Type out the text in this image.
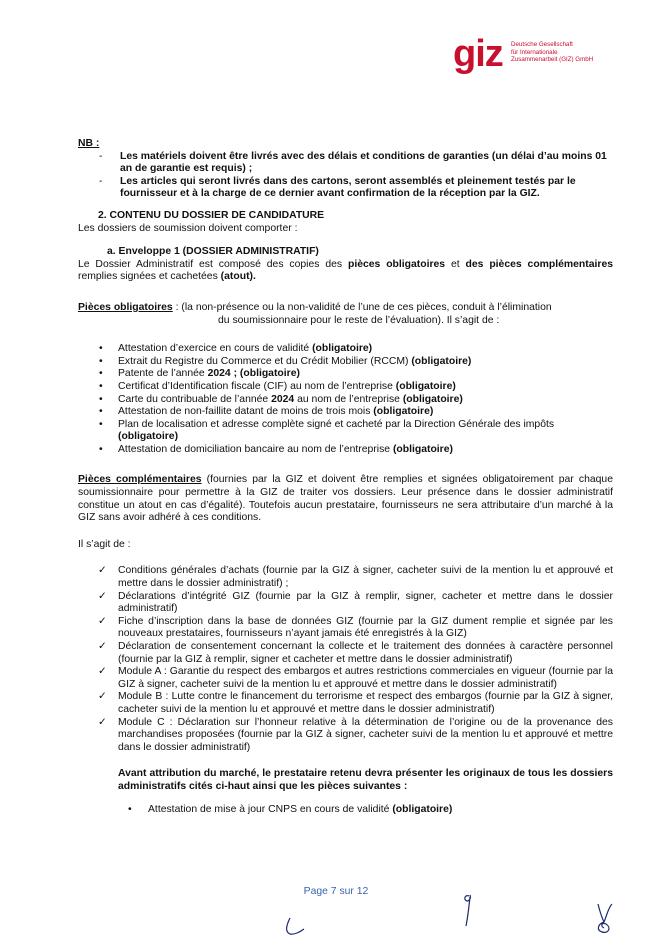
giz Deutsche Gesellschaft
für Internationale
Zusammenarbeit (GIZ) GmbH

NB :

- Les matériels doivent être livrés avec des délais et conditions de garanties (un délai d’au moins 01 an de garantie est requis) ;
- Les articles qui seront livrés dans des cartons, seront assemblés et pleinement testés par le fournisseur et à la charge de ce dernier avant confirmation de la réception par la GIZ.

2. CONTENU DU DOSSIER DE CANDIDATURE

Les dossiers de soumission doivent comporter :

a. Enveloppe 1 (DOSSIER ADMINISTRATIF)

Le Dossier Administratif est composé des copies des pièces obligatoires et des pièces complémentaires remplies signées et cachetées (atout).

Pièces obligatoires : (la non-présence ou la non-validité de l’une de ces pièces, conduit à l’élimination

du soumissionnaire pour le reste de l’évaluation). Il s’agit de :

• Attestation d’exercice en cours de validité (obligatoire)
• Extrait du Registre du Commerce et du Crédit Mobilier (RCCM) (obligatoire)
• Patente de l’année 2024 ; (obligatoire)
• Certificat d’Identification fiscale (CIF) au nom de l’entreprise (obligatoire)
• Carte du contribuable de l’année 2024 au nom de l’entreprise (obligatoire)
• Attestation de non-faillite datant de moins de trois mois (obligatoire)
• Plan de localisation et adresse complète signé et cacheté par la Direction Générale des impôts (obligatoire)
• Attestation de domiciliation bancaire au nom de l’entreprise (obligatoire)

Pièces complémentaires (fournies par la GIZ et doivent être remplies et signées obligatoirement par chaque soumissionnaire pour permettre à la GIZ de traiter vos dossiers. Leur présence dans le dossier administratif constitue un atout en cas d’égalité). Toutefois aucun prestataire, fournisseurs ne sera attributaire d’un marché à la GIZ sans avoir adhéré à ces conditions.

Il s’agit de :

✓ Conditions générales d’achats (fournie par la GIZ à signer, cacheter suivi de la mention lu et approuvé et mettre dans le dossier administratif) ;
✓ Déclarations d’intégrité GIZ (fournie par la GIZ à remplir, signer, cacheter et mettre dans le dossier administratif)
✓ Fiche d’inscription dans la base de données GIZ (fournie par la GIZ dument remplie et signée par les nouveaux prestataires, fournisseurs n’ayant jamais été enregistrés à la GIZ)
✓ Déclaration de consentement concernant la collecte et le traitement des données à caractère personnel (fournie par la GIZ à remplir, signer et cacheter et mettre dans le dossier administratif)
✓ Module A : Garantie du respect des embargos et autres restrictions commerciales en vigueur (fournie par la GIZ à signer, cacheter suivi de la mention lu et approuvé et mettre dans le dossier administratif)
✓ Module B : Lutte contre le financement du terrorisme et respect des embargos (fournie par la GIZ à signer, cacheter suivi de la mention lu et approuvé et mettre dans le dossier administratif)
✓ Module C : Déclaration sur l’honneur relative à la détermination de l’origine ou de la provenance des marchandises proposées (fournie par la GIZ à signer, cacheter suivi de la mention lu et approuvé et mettre dans le dossier administratif)

Avant attribution du marché, le prestataire retenu devra présenter les originaux de tous les dossiers administratifs cités ci-haut ainsi que les pièces suivantes :

• Attestation de mise à jour CNPS en cours de validité (obligatoire)
Page 7 sur 12
